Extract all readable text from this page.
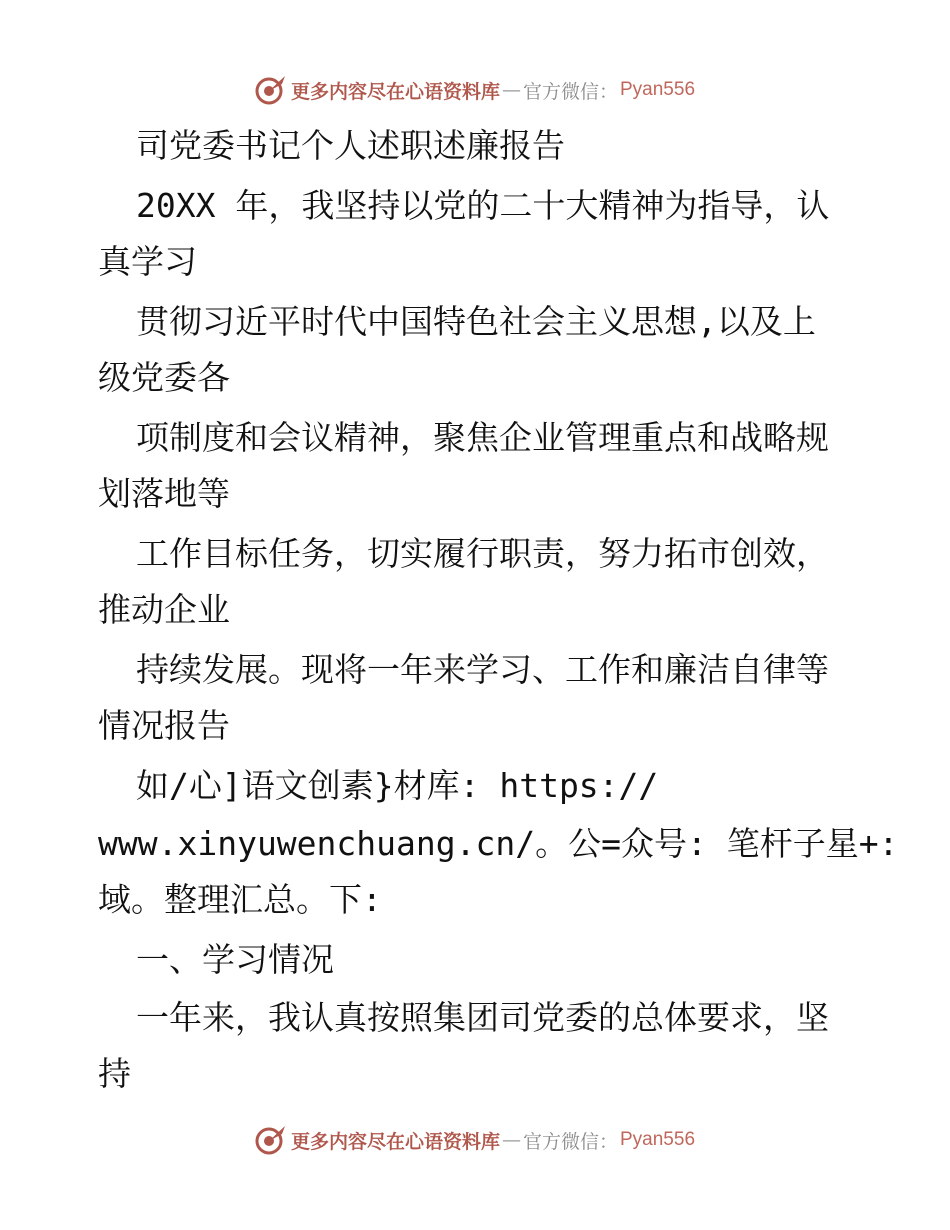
更多内容尽在心语资料库 — 官方微信： Pyan556

司党委书记个人述职述廉报告

20XX 年，我坚持以党的二十大精神为指导，认

真学习

贯彻习近平时代中国特色社会主义思想,以及上

级党委各

项制度和会议精神，聚焦企业管理重点和战略规

划落地等

工作目标任务，切实履行职责，努力拓市创效，

推动企业

持续发展。现将一年来学习、工作和廉洁自律等

情况报告

如/心]语文创素}材库: https://

www.xinyuwenchuang.cn/。公=众号: 笔杆子星+:

域。整理汇总。下:

一、学习情况

一年来，我认真按照集团司党委的总体要求，坚

持

更多内容尽在心语资料库 — 官方微信： Pyan556
